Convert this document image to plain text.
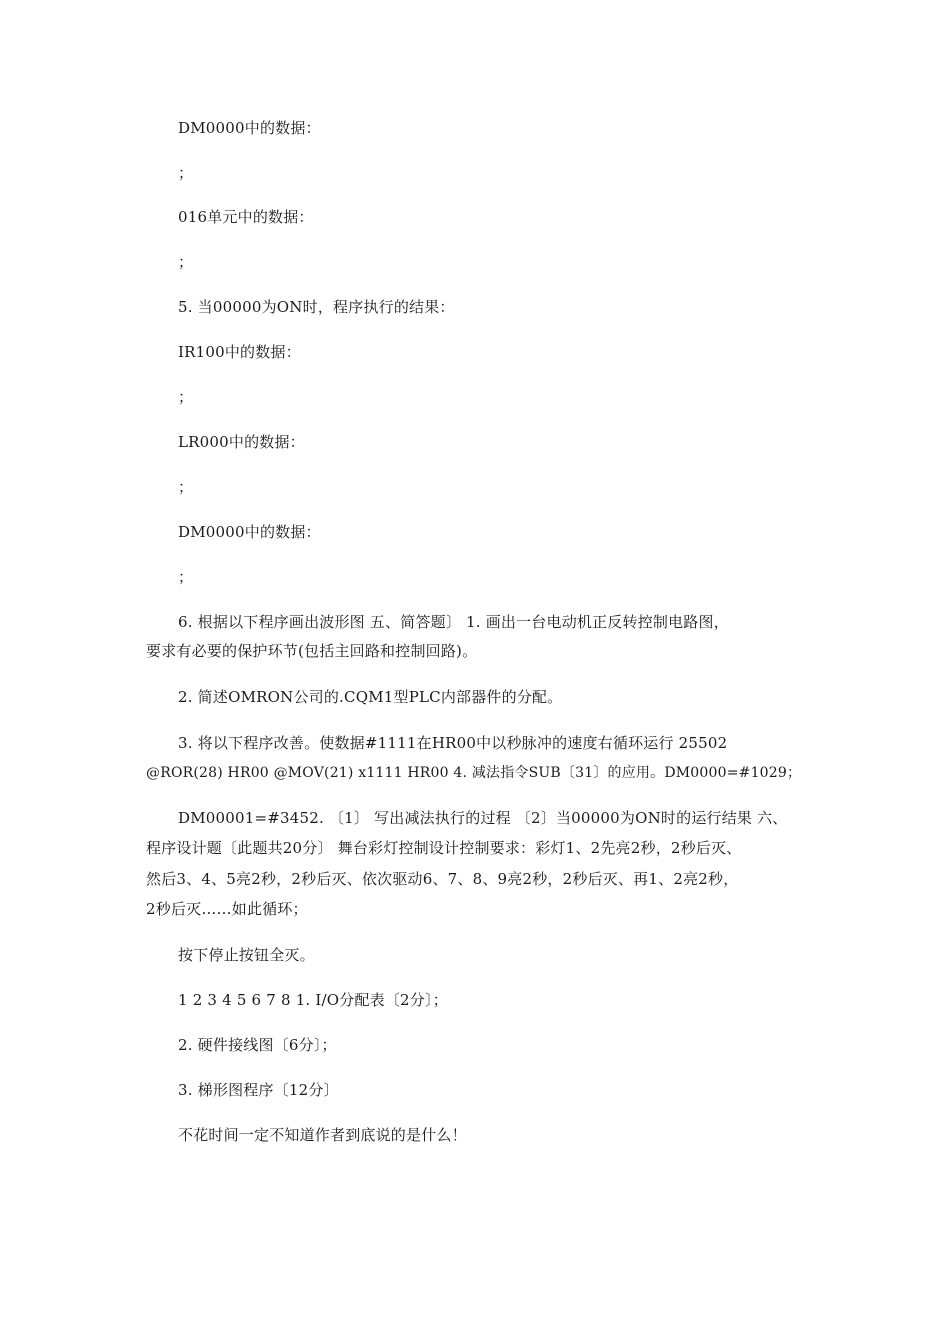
DM0000中的数据：
；
016单元中的数据：
；
5. 当00000为ON时，程序执行的结果：
IR100中的数据：
；
LR000中的数据：
；
DM0000中的数据：
；
6. 根据以下程序画出波形图 五、简答题〕 1. 画出一台电动机正反转控制电路图，
要求有必要的保护环节(包括主回路和控制回路)。
2. 简述OMRON公司的.CQM1型PLC内部器件的分配。
3. 将以下程序改善。使数据#1111在HR00中以秒脉冲的速度右循环运行 25502
@ROR(28) HR00 @MOV(21) x1111 HR00 4. 减法指令SUB〔31〕的应用。DM0000=#1029；
DM00001=#3452. 〔1〕 写出减法执行的过程 〔2〕当00000为ON时的运行结果 六、
程序设计题〔此题共20分〕 舞台彩灯控制设计控制要求：彩灯1、2先亮2秒，2秒后灭、
然后3、4、5亮2秒，2秒后灭、依次驱动6、7、8、9亮2秒，2秒后灭、再1、2亮2秒，
2秒后灭……如此循环；
按下停止按钮全灭。
1 2 3 4 5 6 7 8 1. I/O分配表〔2分〕；
2. 硬件接线图〔6分〕；
3. 梯形图程序〔12分〕
不花时间一定不知道作者到底说的是什么！
